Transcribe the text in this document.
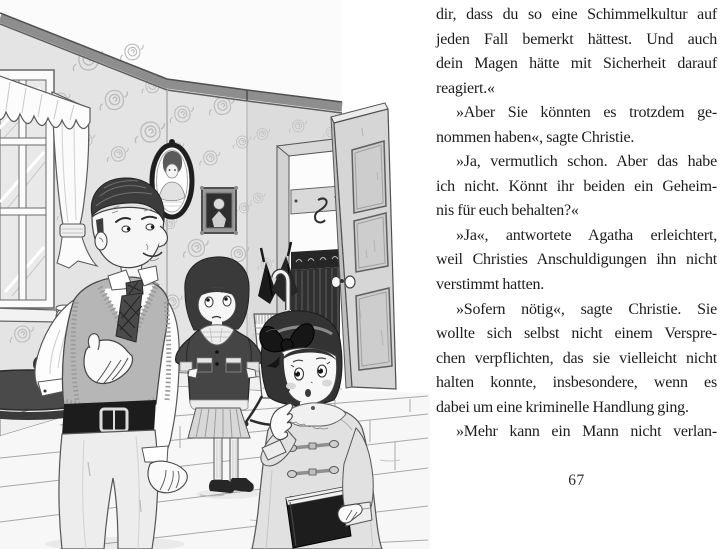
dir, dass du so eine Schimmelkultur auf
jeden Fall bemerkt hättest. Und auch
dein Magen hätte mit Sicherheit darauf
reagiert.«
»Aber Sie könnten es trotzdem ge-
nommen haben«, sagte Christie.
»Ja, vermutlich schon. Aber das habe
ich nicht. Könnt ihr beiden ein Geheim-
nis für euch behalten?«
»Ja«, antwortete Agatha erleichtert,
weil Christies Anschuldigungen ihn nicht
verstimmt hatten.
»Sofern nötig«, sagte Christie. Sie
wollte sich selbst nicht einem Verspre-
chen verpflichten, das sie vielleicht nicht
halten konnte, insbesondere, wenn es
dabei um eine kriminelle Handlung ging.
»Mehr kann ein Mann nicht verlan-
67
